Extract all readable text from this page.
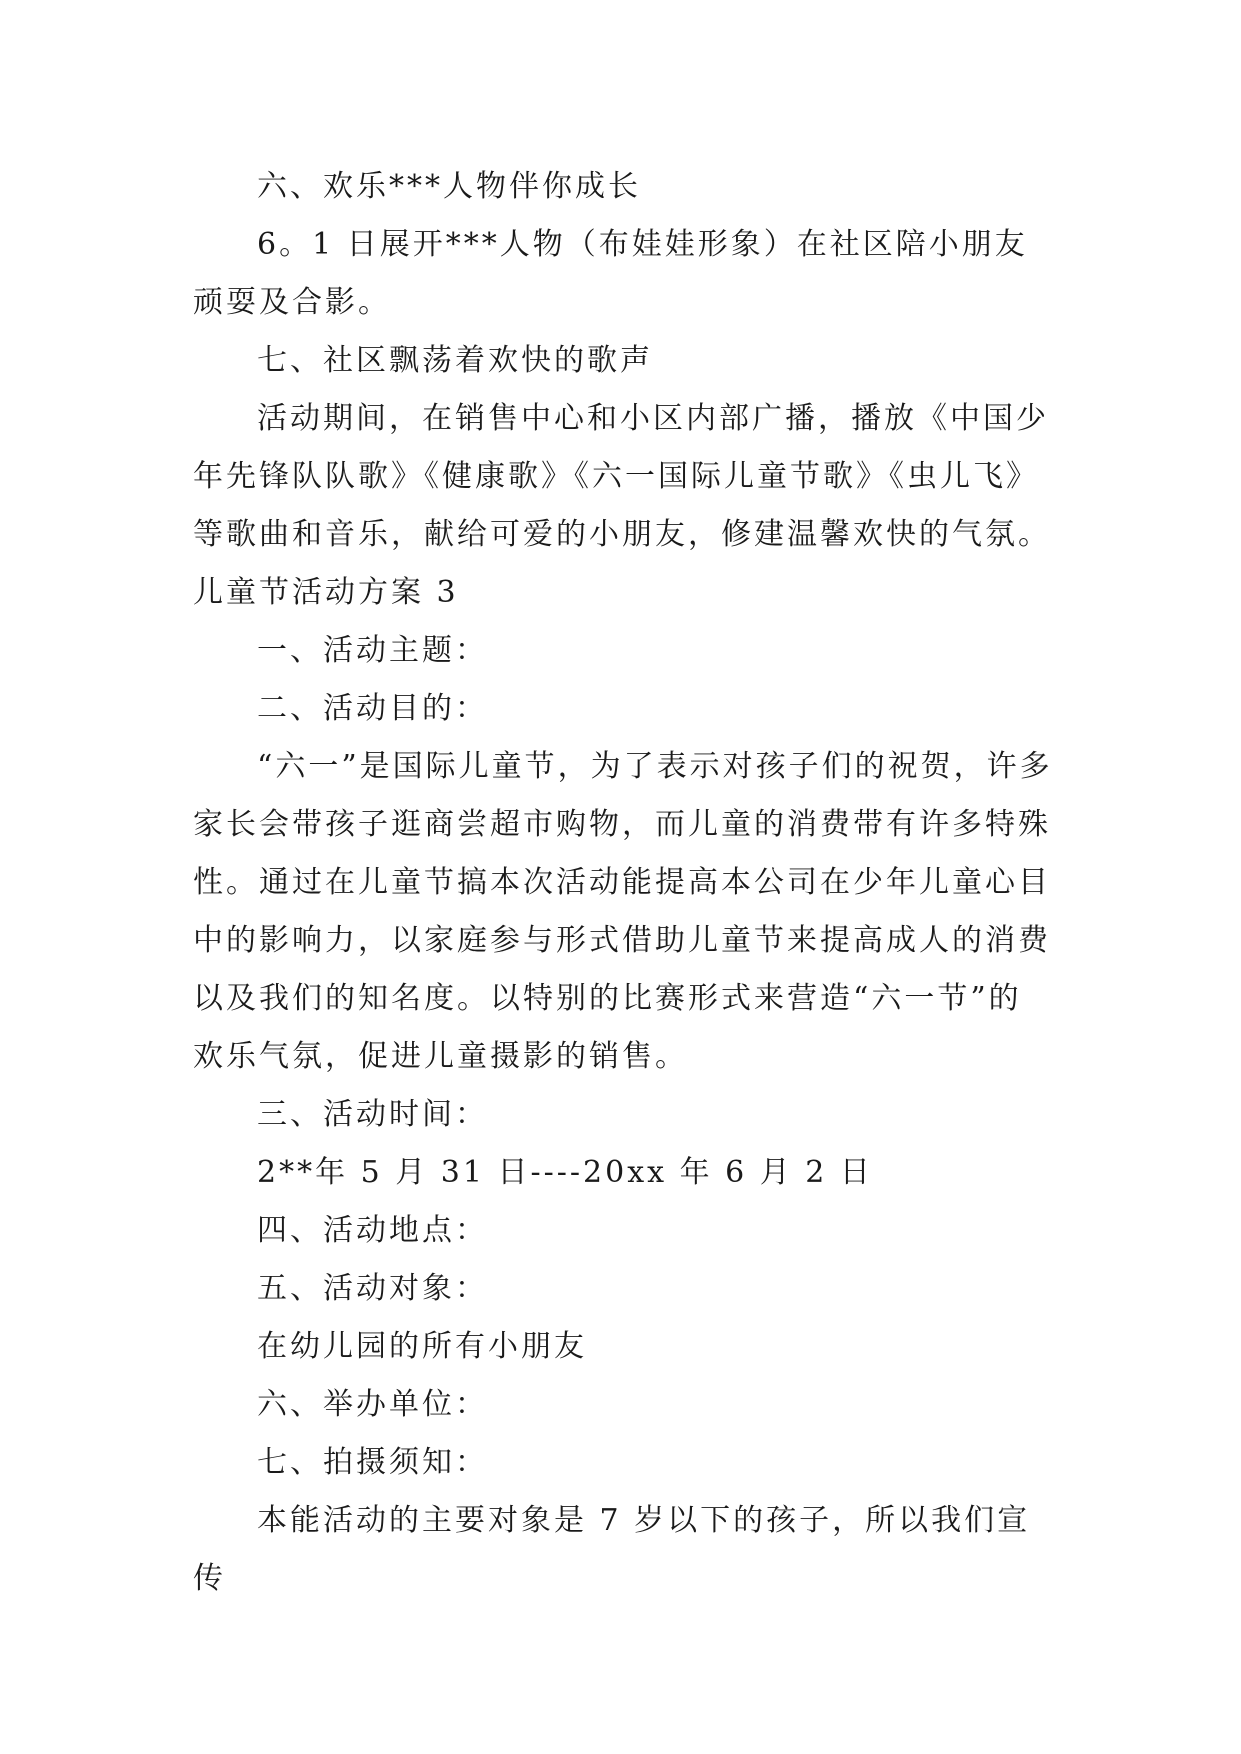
六、欢乐***人物伴你成长

6。1 日展开***人物（布娃娃形象）在社区陪小朋友顽耍及合影。

七、社区飘荡着欢快的歌声

活动期间，在销售中心和小区内部广播，播放《中国少年先锋队队歌》《健康歌》《六一国际儿童节歌》《虫儿飞》等歌曲和音乐，献给可爱的小朋友，修建温馨欢快的气氛。

儿童节活动方案 3

一、活动主题：

二、活动目的：

“六一”是国际儿童节，为了表示对孩子们的祝贺，许多家长会带孩子逛商尝超市购物，而儿童的消费带有许多特殊性。通过在儿童节搞本次活动能提高本公司在少年儿童心目中的影响力，以家庭参与形式借助儿童节来提高成人的消费以及我们的知名度。以特别的比赛形式来营造“六一节”的欢乐气氛，促进儿童摄影的销售。

三、活动时间：

2**年 5 月 31 日----20xx 年 6 月 2 日

四、活动地点：

五、活动对象：

在幼儿园的所有小朋友

六、举办单位：

七、拍摄须知：

本能活动的主要对象是 7 岁以下的孩子，所以我们宣传
